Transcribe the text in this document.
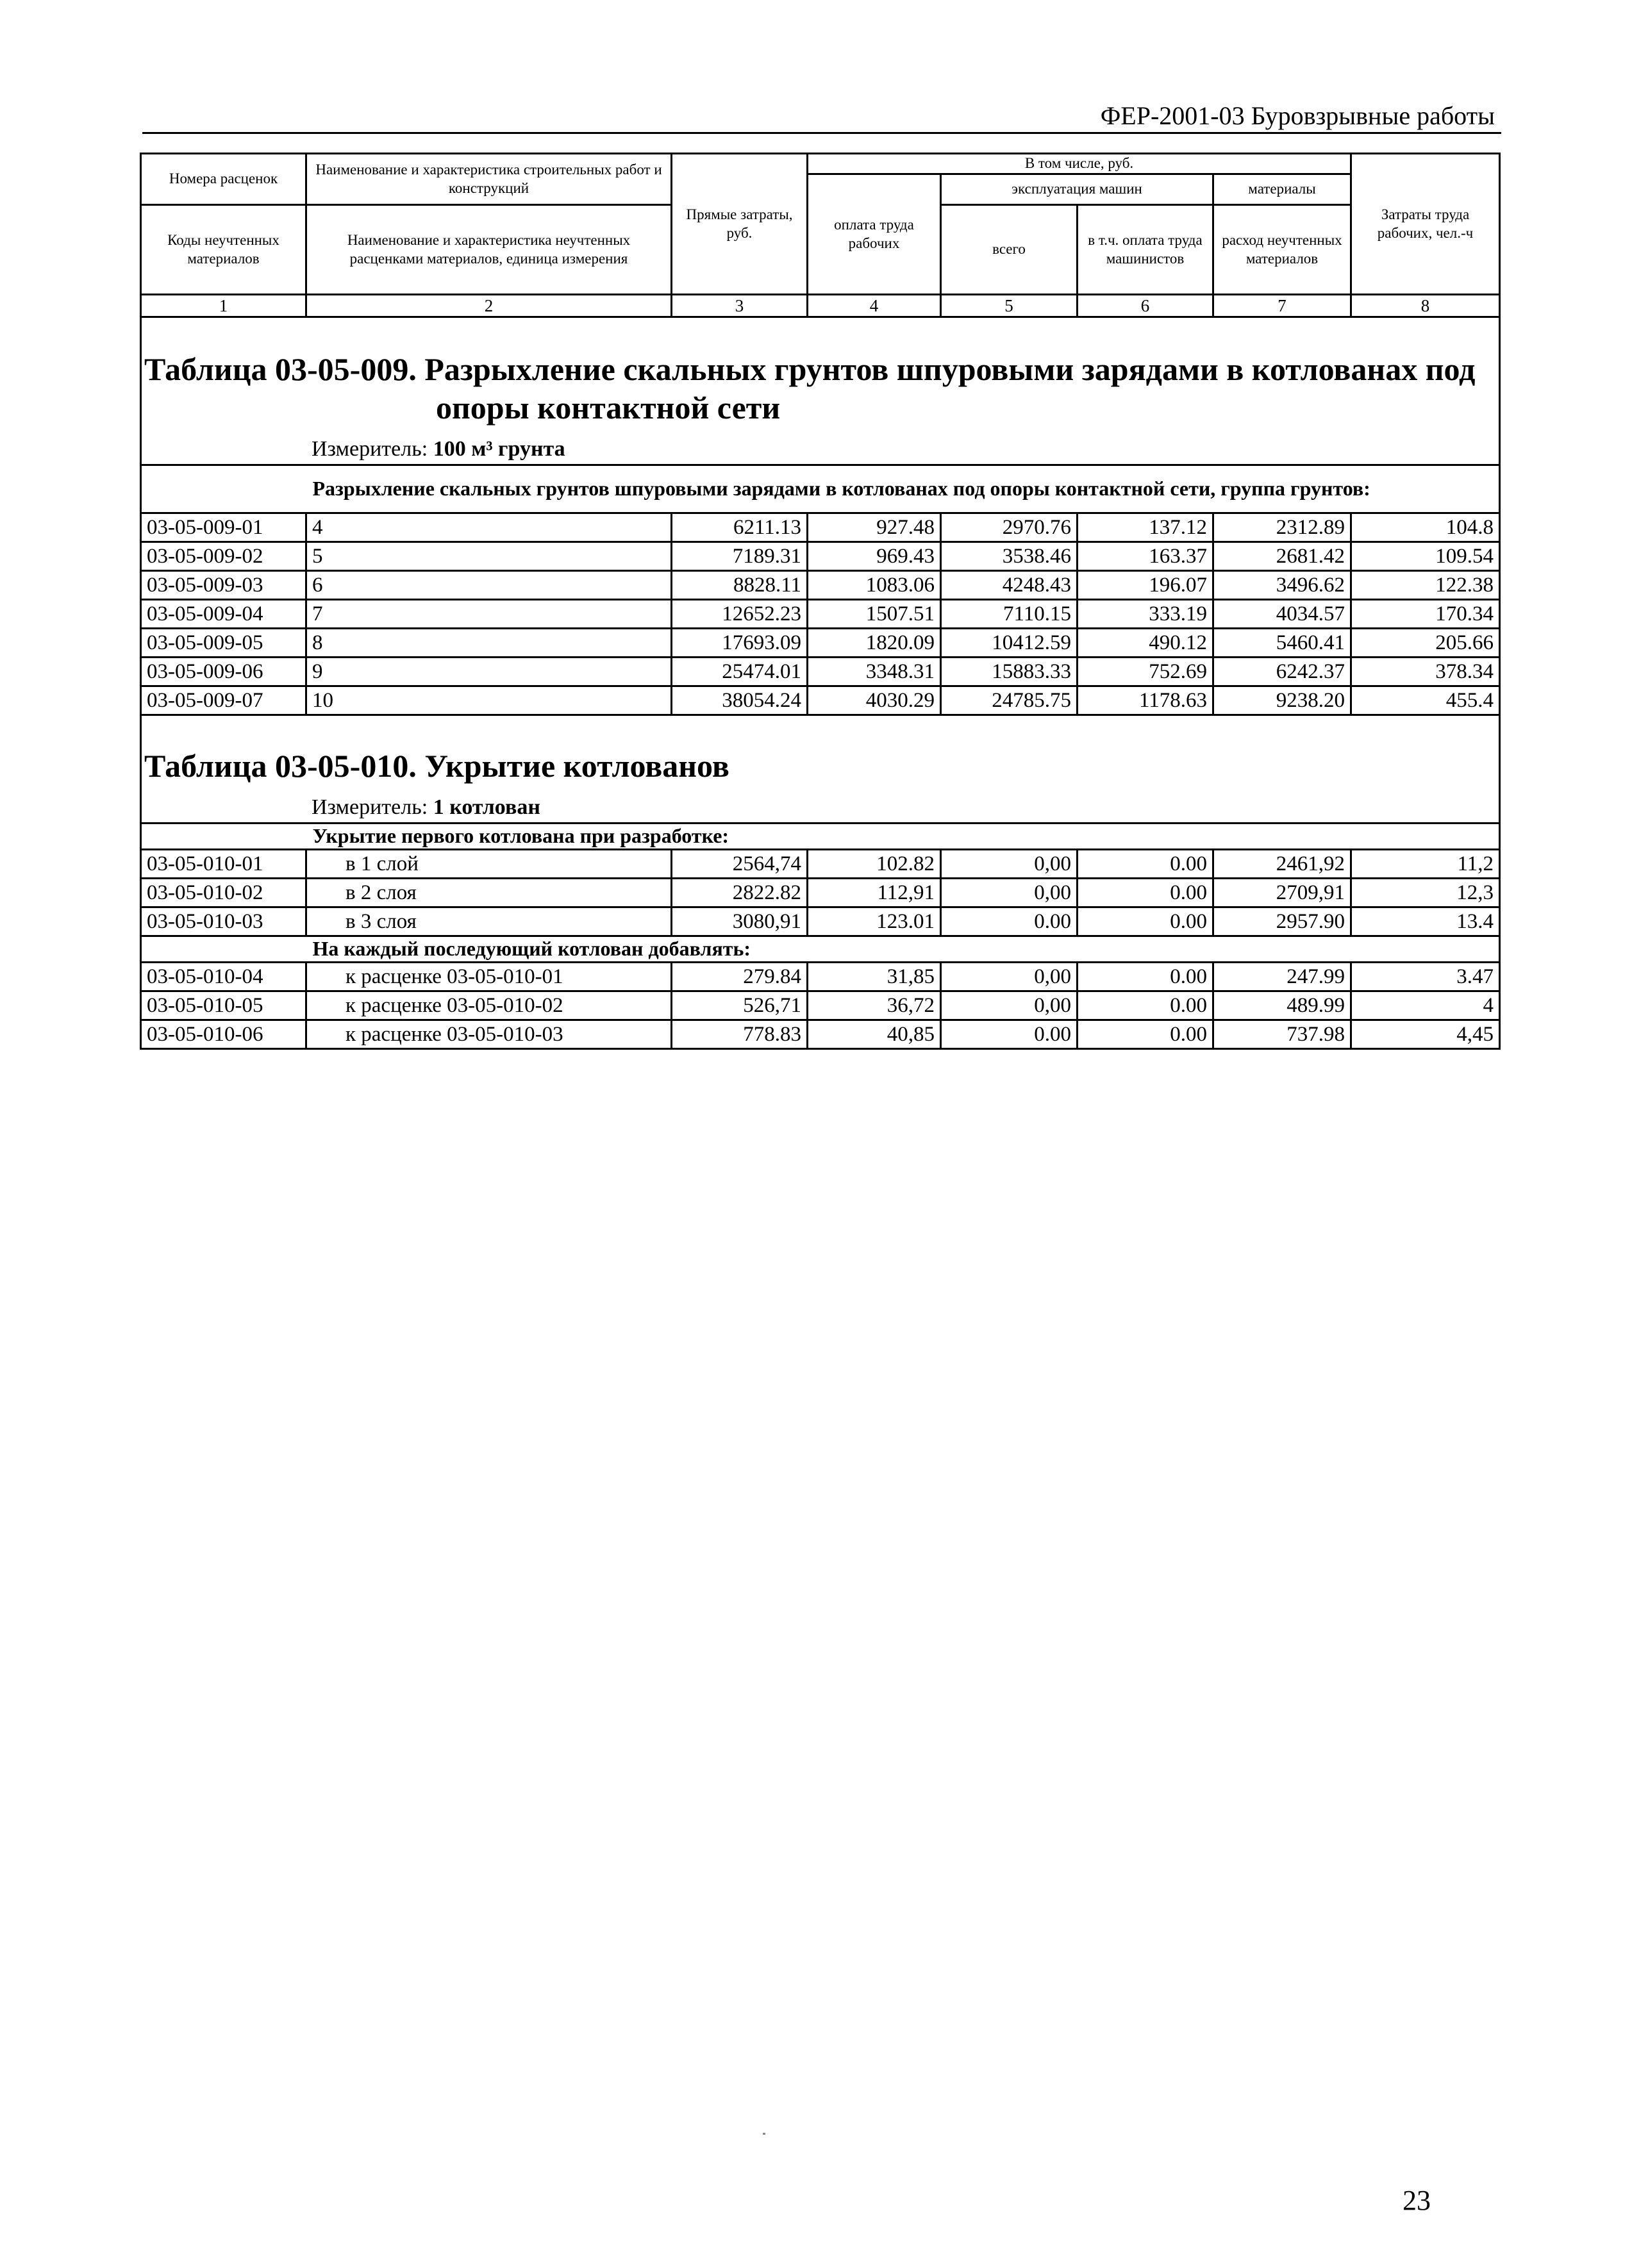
ФЕР-2001-03 Буровзрывные работы
Номера расценок	Наименование и характеристика строительных работ и конструкций	Прямые затраты, руб.	В том числе, руб.				Затраты труда рабочих, чел.-ч
			оплата труда рабочих	эксплуатация машин		материалы	
Коды неучтенных материалов	Наименование и характеристика неучтенных расценками материалов, единица измерения			всего	в т.ч. оплата труда машинистов	расход неучтенных материалов	

1	2	3	4	5	6	7	8

Таблица 03-05-009. Разрыхление скальных грунтов шпуровыми зарядами в котлованах под
опоры контактной сети							

Измеритель: 100 м³ грунта							
	Разрыхление скальных грунтов шпуровыми зарядами в котлованах под опоры контактной сети, группа грунтов:						
03-05-009-01	4	6211.13	927.48	2970.76	137.12	2312.89	104.8
03-05-009-02	5	7189.31	969.43	3538.46	163.37	2681.42	109.54
03-05-009-03	6	8828.11	1083.06	4248.43	196.07	3496.62	122.38
03-05-009-04	7	12652.23	1507.51	7110.15	333.19	4034.57	170.34
03-05-009-05	8	17693.09	1820.09	10412.59	490.12	5460.41	205.66
03-05-009-06	9	25474.01	3348.31	15883.33	752.69	6242.37	378.34
03-05-009-07	10	38054.24	4030.29	24785.75	1178.63	9238.20	455.4
Таблица 03-05-010. Укрытие котлованов							
Измеритель: 1 котлован							
	Укрытие первого котлована при разработке:						
03-05-010-01	в 1 слой	2564,74	102.82	0,00	0.00	2461,92	11,2
03-05-010-02	в 2 слоя	2822.82	112,91	0,00	0.00	2709,91	12,3
03-05-010-03	в 3 слоя	3080,91	123.01	0.00	0.00	2957.90	13.4
	На каждый последующий котлован добавлять:						
03-05-010-04	к расценке 03-05-010-01	279.84	31,85	0,00	0.00	247.99	3.47
03-05-010-05	к расценке 03-05-010-02	526,71	36,72	0,00	0.00	489.99	4
03-05-010-06	к расценке 03-05-010-03	778.83	40,85	0.00	0.00	737.98	4,45
23
